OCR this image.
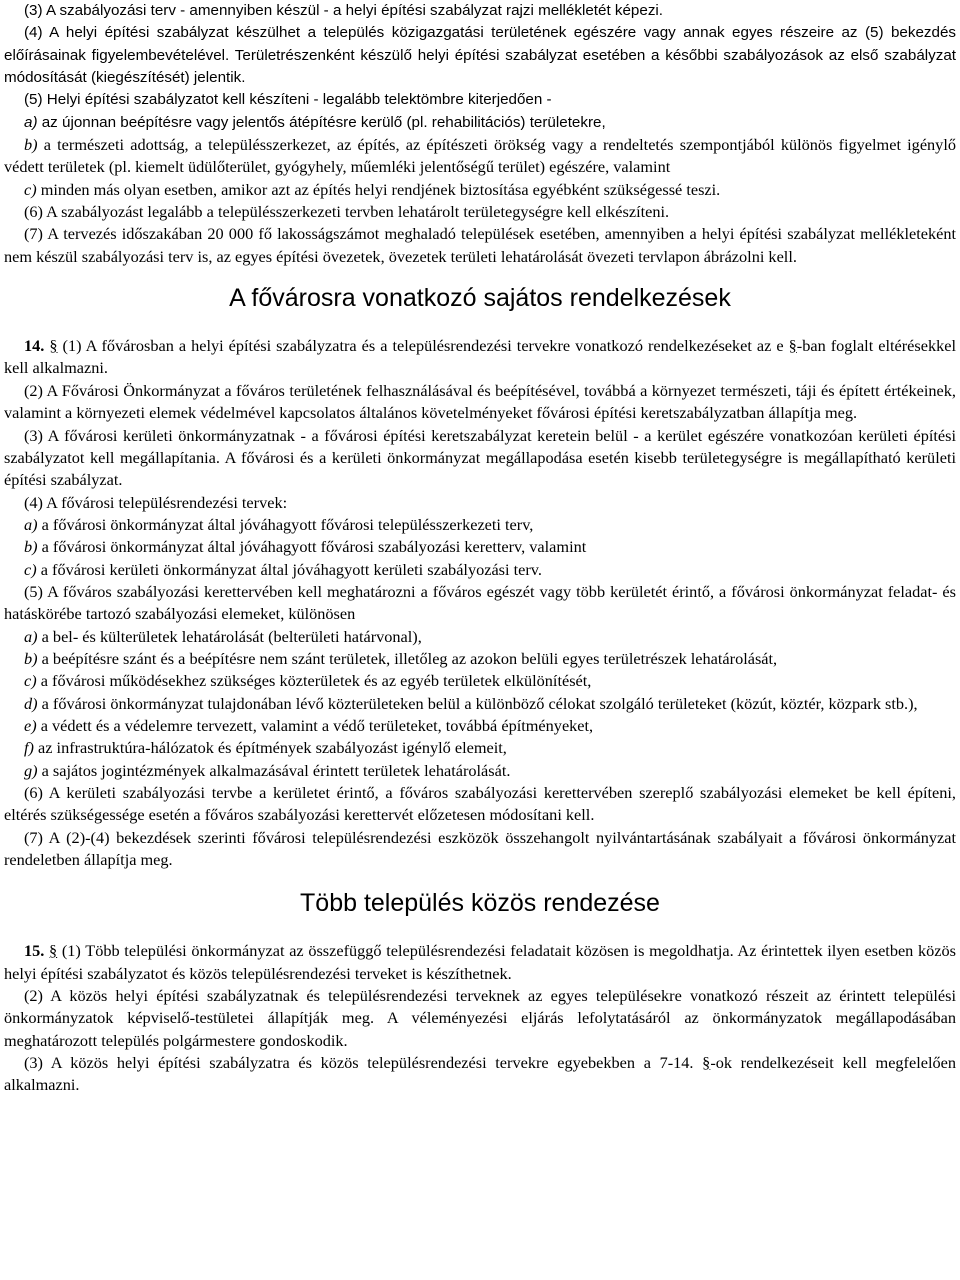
(3) A szabályozási terv - amennyiben készül - a helyi építési szabályzat rajzi mellékletét képezi.

(4) A helyi építési szabályzat készülhet a település közigazgatási területének egészére vagy annak egyes részeire az (5) bekezdés előírásainak figyelembevételével. Területrészenként készülő helyi építési szabályzat esetében a későbbi szabályozások az első szabályzat módosítását (kiegészítését) jelentik.

(5) Helyi építési szabályzatot kell készíteni - legalább telektömbre kiterjedően -

a) az újonnan beépítésre vagy jelentős átépítésre kerülő (pl. rehabilitációs) területekre,

b) a természeti adottság, a településszerkezet, az építés, az építészeti örökség vagy a rendeltetés szempontjából különös figyelmet igénylő védett területek (pl. kiemelt üdülőterület, gyógyhely, műemléki jelentőségű terület) egészére, valamint

c) minden más olyan esetben, amikor azt az építés helyi rendjének biztosítása egyébként szükségessé teszi.

(6) A szabályozást legalább a településszerkezeti tervben lehatárolt területegységre kell elkészíteni.

(7) A tervezés időszakában 20 000 fő lakosságszámot meghaladó települések esetében, amennyiben a helyi építési szabályzat mellékleteként nem készül szabályozási terv is, az egyes építési övezetek, övezetek területi lehatárolását övezeti tervlapon ábrázolni kell.

A fővárosra vonatkozó sajátos rendelkezések

14. § (1) A fővárosban a helyi építési szabályzatra és a településrendezési tervekre vonatkozó rendelkezéseket az e §-ban foglalt eltérésekkel kell alkalmazni.

(2) A Fővárosi Önkormányzat a főváros területének felhasználásával és beépítésével, továbbá a környezet természeti, táji és épített értékeinek, valamint a környezeti elemek védelmével kapcsolatos általános követelményeket fővárosi építési keretszabályzatban állapítja meg.

(3) A fővárosi kerületi önkormányzatnak - a fővárosi építési keretszabályzat keretein belül - a kerület egészére vonatkozóan kerületi építési szabályzatot kell megállapítania. A fővárosi és a kerületi önkormányzat megállapodása esetén kisebb területegységre is megállapítható kerületi építési szabályzat.

(4) A fővárosi településrendezési tervek:

a) a fővárosi önkormányzat által jóváhagyott fővárosi településszerkezeti terv,

b) a fővárosi önkormányzat által jóváhagyott fővárosi szabályozási keretterv, valamint

c) a fővárosi kerületi önkormányzat által jóváhagyott kerületi szabályozási terv.

(5) A főváros szabályozási kerettervében kell meghatározni a főváros egészét vagy több kerületét érintő, a fővárosi önkormányzat feladat- és hatáskörébe tartozó szabályozási elemeket, különösen

a) a bel- és külterületek lehatárolását (belterületi határvonal),

b) a beépítésre szánt és a beépítésre nem szánt területek, illetőleg az azokon belüli egyes területrészek lehatárolását,

c) a fővárosi működésekhez szükséges közterületek és az egyéb területek elkülönítését,

d) a fővárosi önkormányzat tulajdonában lévő közterületeken belül a különböző célokat szolgáló területeket (közút, köztér, közpark stb.),

e) a védett és a védelemre tervezett, valamint a védő területeket, továbbá építményeket,

f) az infrastruktúra-hálózatok és építmények szabályozást igénylő elemeit,

g) a sajátos jogintézmények alkalmazásával érintett területek lehatárolását.

(6) A kerületi szabályozási tervbe a kerületet érintő, a főváros szabályozási kerettervében szereplő szabályozási elemeket be kell építeni, eltérés szükségessége esetén a főváros szabályozási kerettervét előzetesen módosítani kell.

(7) A (2)-(4) bekezdések szerinti fővárosi településrendezési eszközök összehangolt nyilvántartásának szabályait a fővárosi önkormányzat rendeletben állapítja meg.

Több település közös rendezése

15. § (1) Több települési önkormányzat az összefüggő településrendezési feladatait közösen is megoldhatja. Az érintettek ilyen esetben közös helyi építési szabályzatot és közös településrendezési terveket is készíthetnek.

(2) A közös helyi építési szabályzatnak és településrendezési terveknek az egyes településekre vonatkozó részeit az érintett települési önkormányzatok képviselő-testületei állapítják meg. A véleményezési eljárás lefolytatásáról az önkormányzatok megállapodásában meghatározott település polgármestere gondoskodik.

(3) A közös helyi építési szabályzatra és közös településrendezési tervekre egyebekben a 7-14. §-ok rendelkezéseit kell megfelelően alkalmazni.
